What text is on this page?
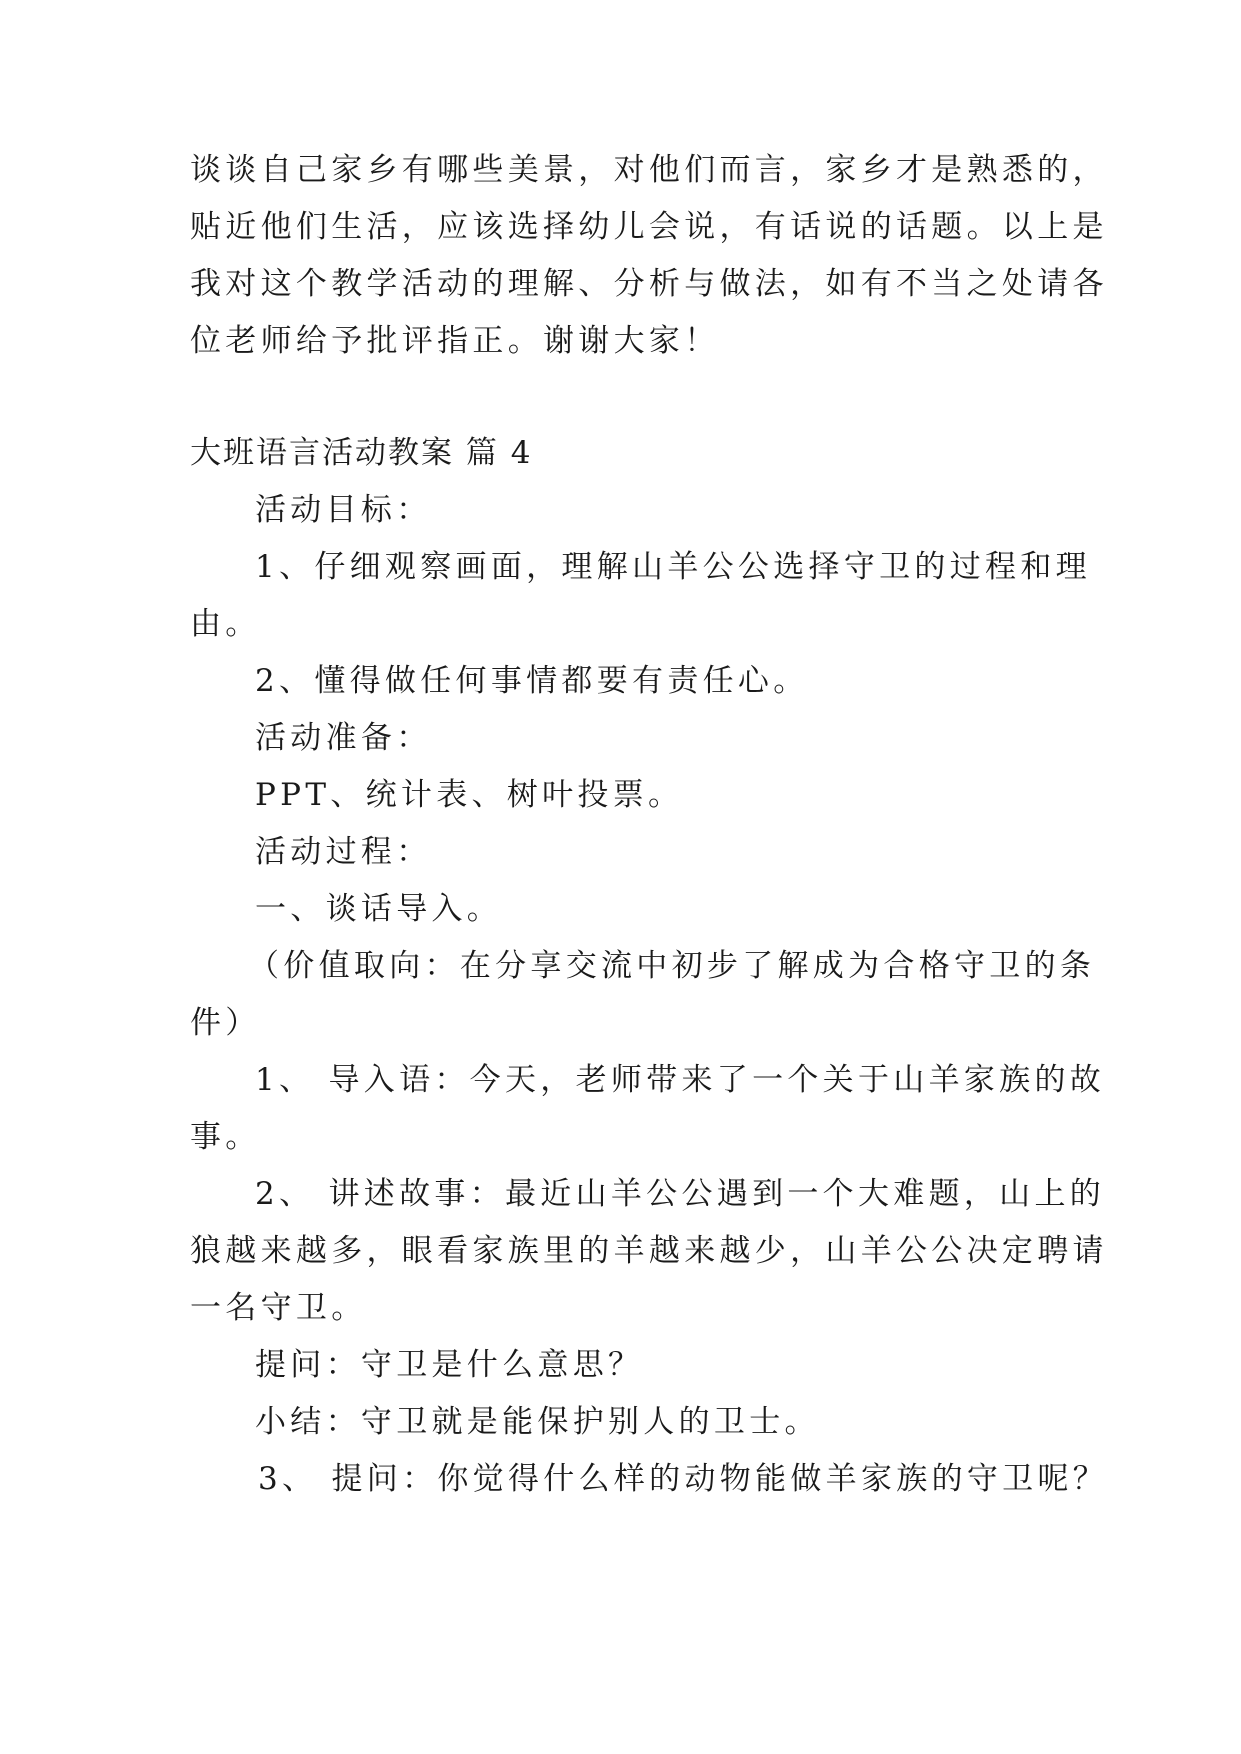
谈谈自己家乡有哪些美景，对他们而言，家乡才是熟悉的，
贴近他们生活，应该选择幼儿会说，有话说的话题。以上是
我对这个教学活动的理解、分析与做法，如有不当之处请各
位老师给予批评指正。谢谢大家！
大班语言活动教案 篇 4
活动目标：
1、仔细观察画面，理解山羊公公选择守卫的过程和理
由。
2、懂得做任何事情都要有责任心。
活动准备：
PPT、统计表、树叶投票。
活动过程：
一、谈话导入。
（价值取向：在分享交流中初步了解成为合格守卫的条
件）
1、 导入语：今天，老师带来了一个关于山羊家族的故
事。
2、 讲述故事：最近山羊公公遇到一个大难题，山上的
狼越来越多，眼看家族里的羊越来越少，山羊公公决定聘请
一名守卫。
提问：守卫是什么意思？
小结：守卫就是能保护别人的卫士。
3、 提问：你觉得什么样的动物能做羊家族的守卫呢？
